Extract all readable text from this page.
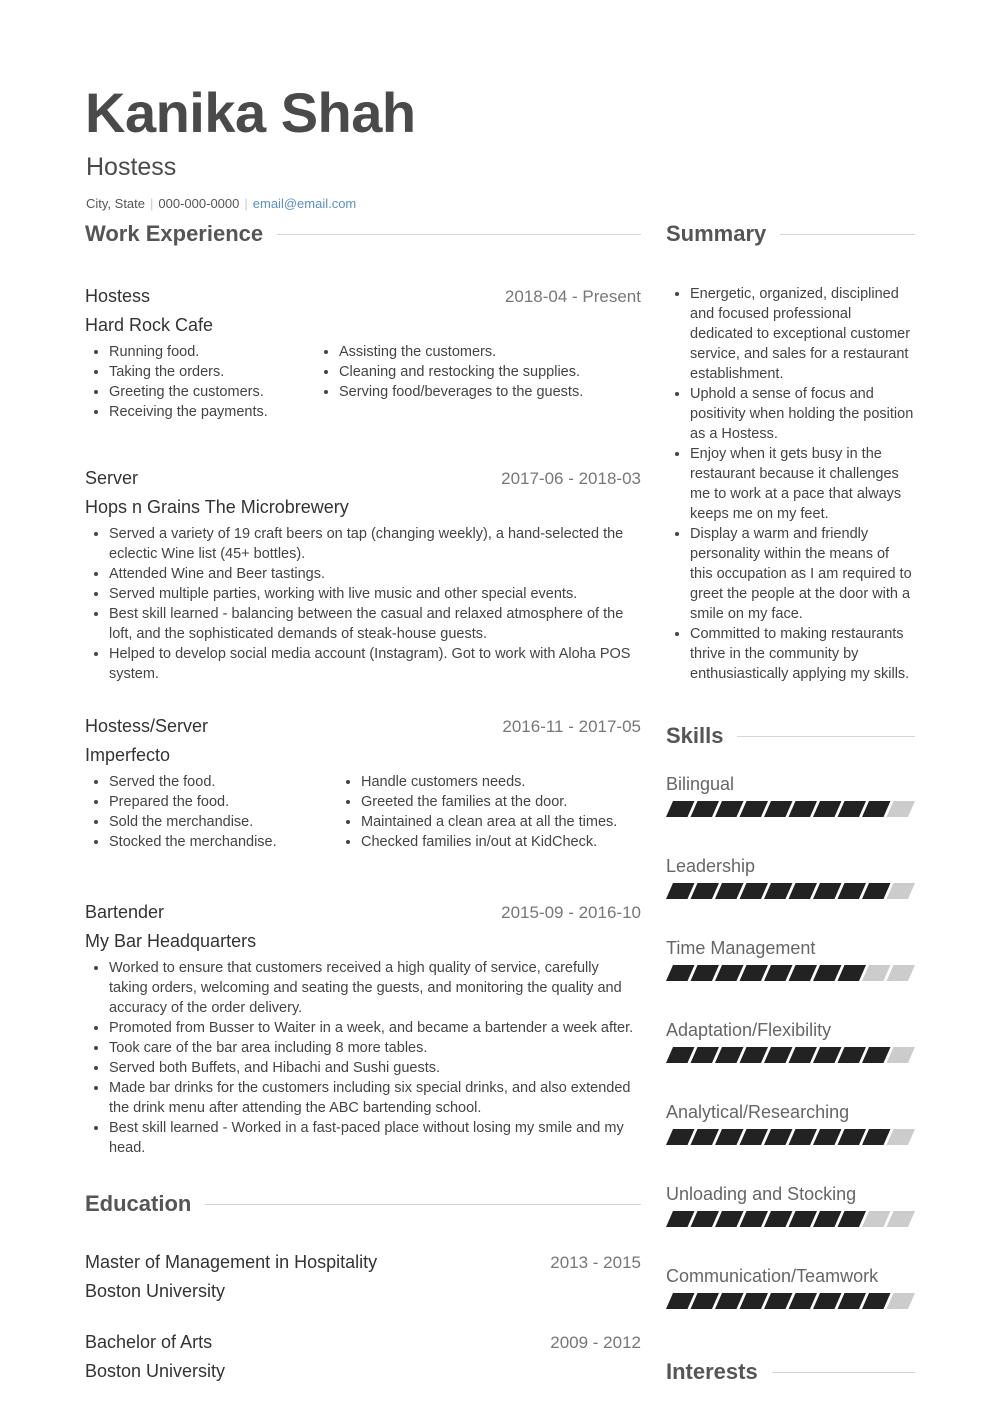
Kanika Shah
Hostess
City, State | 000-000-0000 | email@email.com
Work Experience
Hostess	2018-04 - Present
Hard Rock Cafe
• Running food.
• Taking the orders.
• Greeting the customers.
• Receiving the payments.
• Assisting the customers.
• Cleaning and restocking the supplies.
• Serving food/beverages to the guests.
Server	2017-06 - 2018-03
Hops n Grains The Microbrewery
• Served a variety of 19 craft beers on tap (changing weekly), a hand-selected the eclectic Wine list (45+ bottles).
• Attended Wine and Beer tastings.
• Served multiple parties, working with live music and other special events.
• Best skill learned - balancing between the casual and relaxed atmosphere of the loft, and the sophisticated demands of steak-house guests.
• Helped to develop social media account (Instagram). Got to work with Aloha POS system.
Hostess/Server	2016-11 - 2017-05
Imperfecto
• Served the food.
• Prepared the food.
• Sold the merchandise.
• Stocked the merchandise.
• Handle customers needs.
• Greeted the families at the door.
• Maintained a clean area at all the times.
• Checked families in/out at KidCheck.
Bartender	2015-09 - 2016-10
My Bar Headquarters
• Worked to ensure that customers received a high quality of service, carefully taking orders, welcoming and seating the guests, and monitoring the quality and accuracy of the order delivery.
• Promoted from Busser to Waiter in a week, and became a bartender a week after.
• Took care of the bar area including 8 more tables.
• Served both Buffets, and Hibachi and Sushi guests.
• Made bar drinks for the customers including six special drinks, and also extended the drink menu after attending the ABC bartending school.
• Best skill learned - Worked in a fast-paced place without losing my smile and my head.
Education
Master of Management in Hospitality	2013 - 2015
Boston University
Bachelor of Arts	2009 - 2012
Boston University
Summary
• Energetic, organized, disciplined and focused professional dedicated to exceptional customer service, and sales for a restaurant establishment.
• Uphold a sense of focus and positivity when holding the position as a Hostess.
• Enjoy when it gets busy in the restaurant because it challenges me to work at a pace that always keeps me on my feet.
• Display a warm and friendly personality within the means of this occupation as I am required to greet the people at the door with a smile on my face.
• Committed to making restaurants thrive in the community by enthusiastically applying my skills.
Skills
Bilingual
Leadership
Time Management
Adaptation/Flexibility
Analytical/Researching
Unloading and Stocking
Communication/Teamwork
Interests
